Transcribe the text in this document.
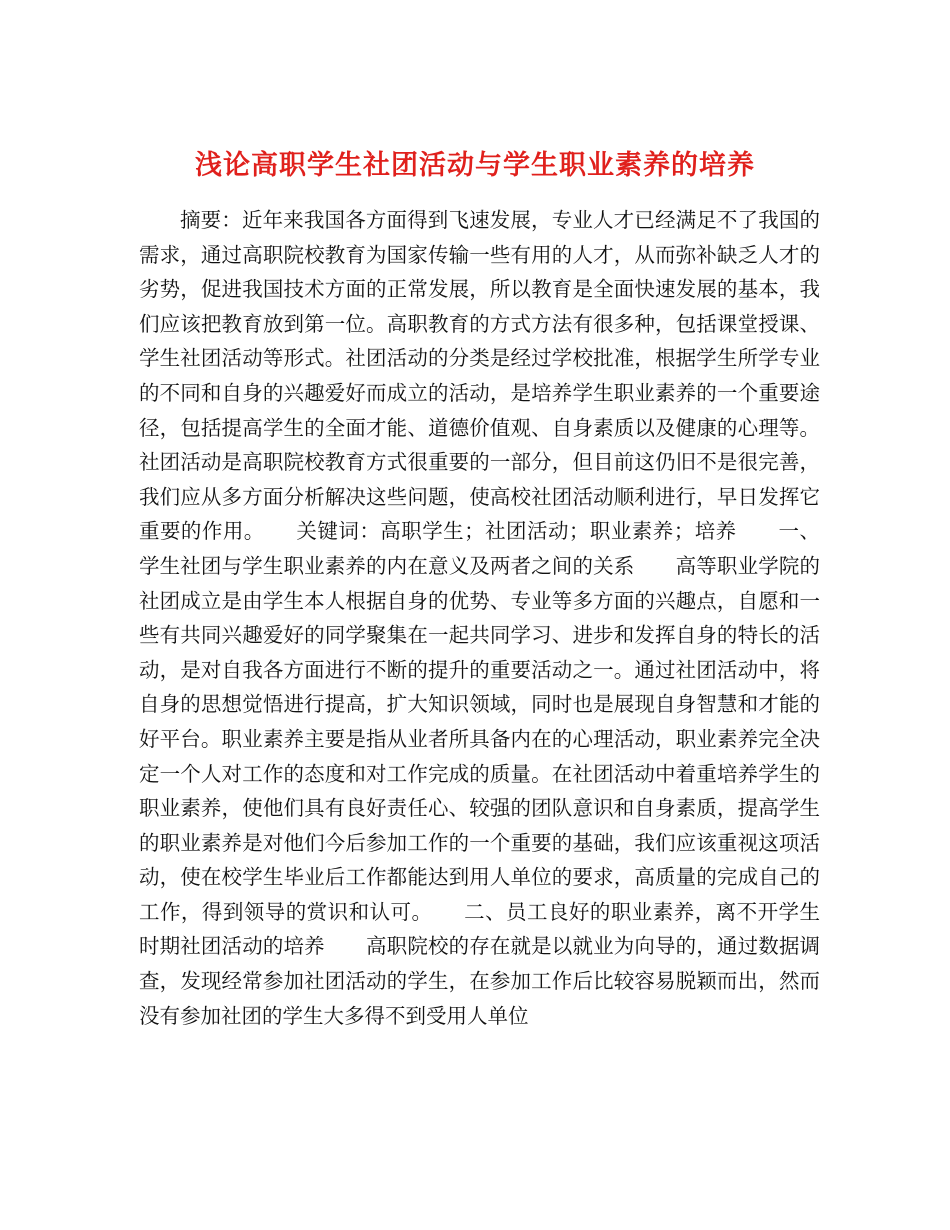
浅论高职学生社团活动与学生职业素养的培养

摘要：近年来我国各方面得到飞速发展，专业人才已经满足不了我国的需求，通过高职院校教育为国家传输一些有用的人才，从而弥补缺乏人才的劣势，促进我国技术方面的正常发展，所以教育是全面快速发展的基本，我们应该把教育放到第一位。高职教育的方式方法有很多种，包括课堂授课、学生社团活动等形式。社团活动的分类是经过学校批准，根据学生所学专业的不同和自身的兴趣爱好而成立的活动，是培养学生职业素养的一个重要途径，包括提高学生的全面才能、道德价值观、自身素质以及健康的心理等。社团活动是高职院校教育方式很重要的一部分，但目前这仍旧不是很完善，我们应从多方面分析解决这些问题，使高校社团活动顺利进行，早日发挥它重要的作用。　　关键词：高职学生；社团活动；职业素养；培养　　一、学生社团与学生职业素养的内在意义及两者之间的关系　　高等职业学院的社团成立是由学生本人根据自身的优势、专业等多方面的兴趣点，自愿和一些有共同兴趣爱好的同学聚集在一起共同学习、进步和发挥自身的特长的活动，是对自我各方面进行不断的提升的重要活动之一。通过社团活动中，将自身的思想觉悟进行提高，扩大知识领域，同时也是展现自身智慧和才能的好平台。职业素养主要是指从业者所具备内在的心理活动，职业素养完全决定一个人对工作的态度和对工作完成的质量。在社团活动中着重培养学生的职业素养，使他们具有良好责任心、较强的团队意识和自身素质，提高学生的职业素养是对他们今后参加工作的一个重要的基础，我们应该重视这项活动，使在校学生毕业后工作都能达到用人单位的要求，高质量的完成自己的工作，得到领导的赏识和认可。　　二、员工良好的职业素养，离不开学生时期社团活动的培养　　高职院校的存在就是以就业为向导的，通过数据调查，发现经常参加社团活动的学生，在参加工作后比较容易脱颖而出，然而没有参加社团的学生大多得不到受用人单位
